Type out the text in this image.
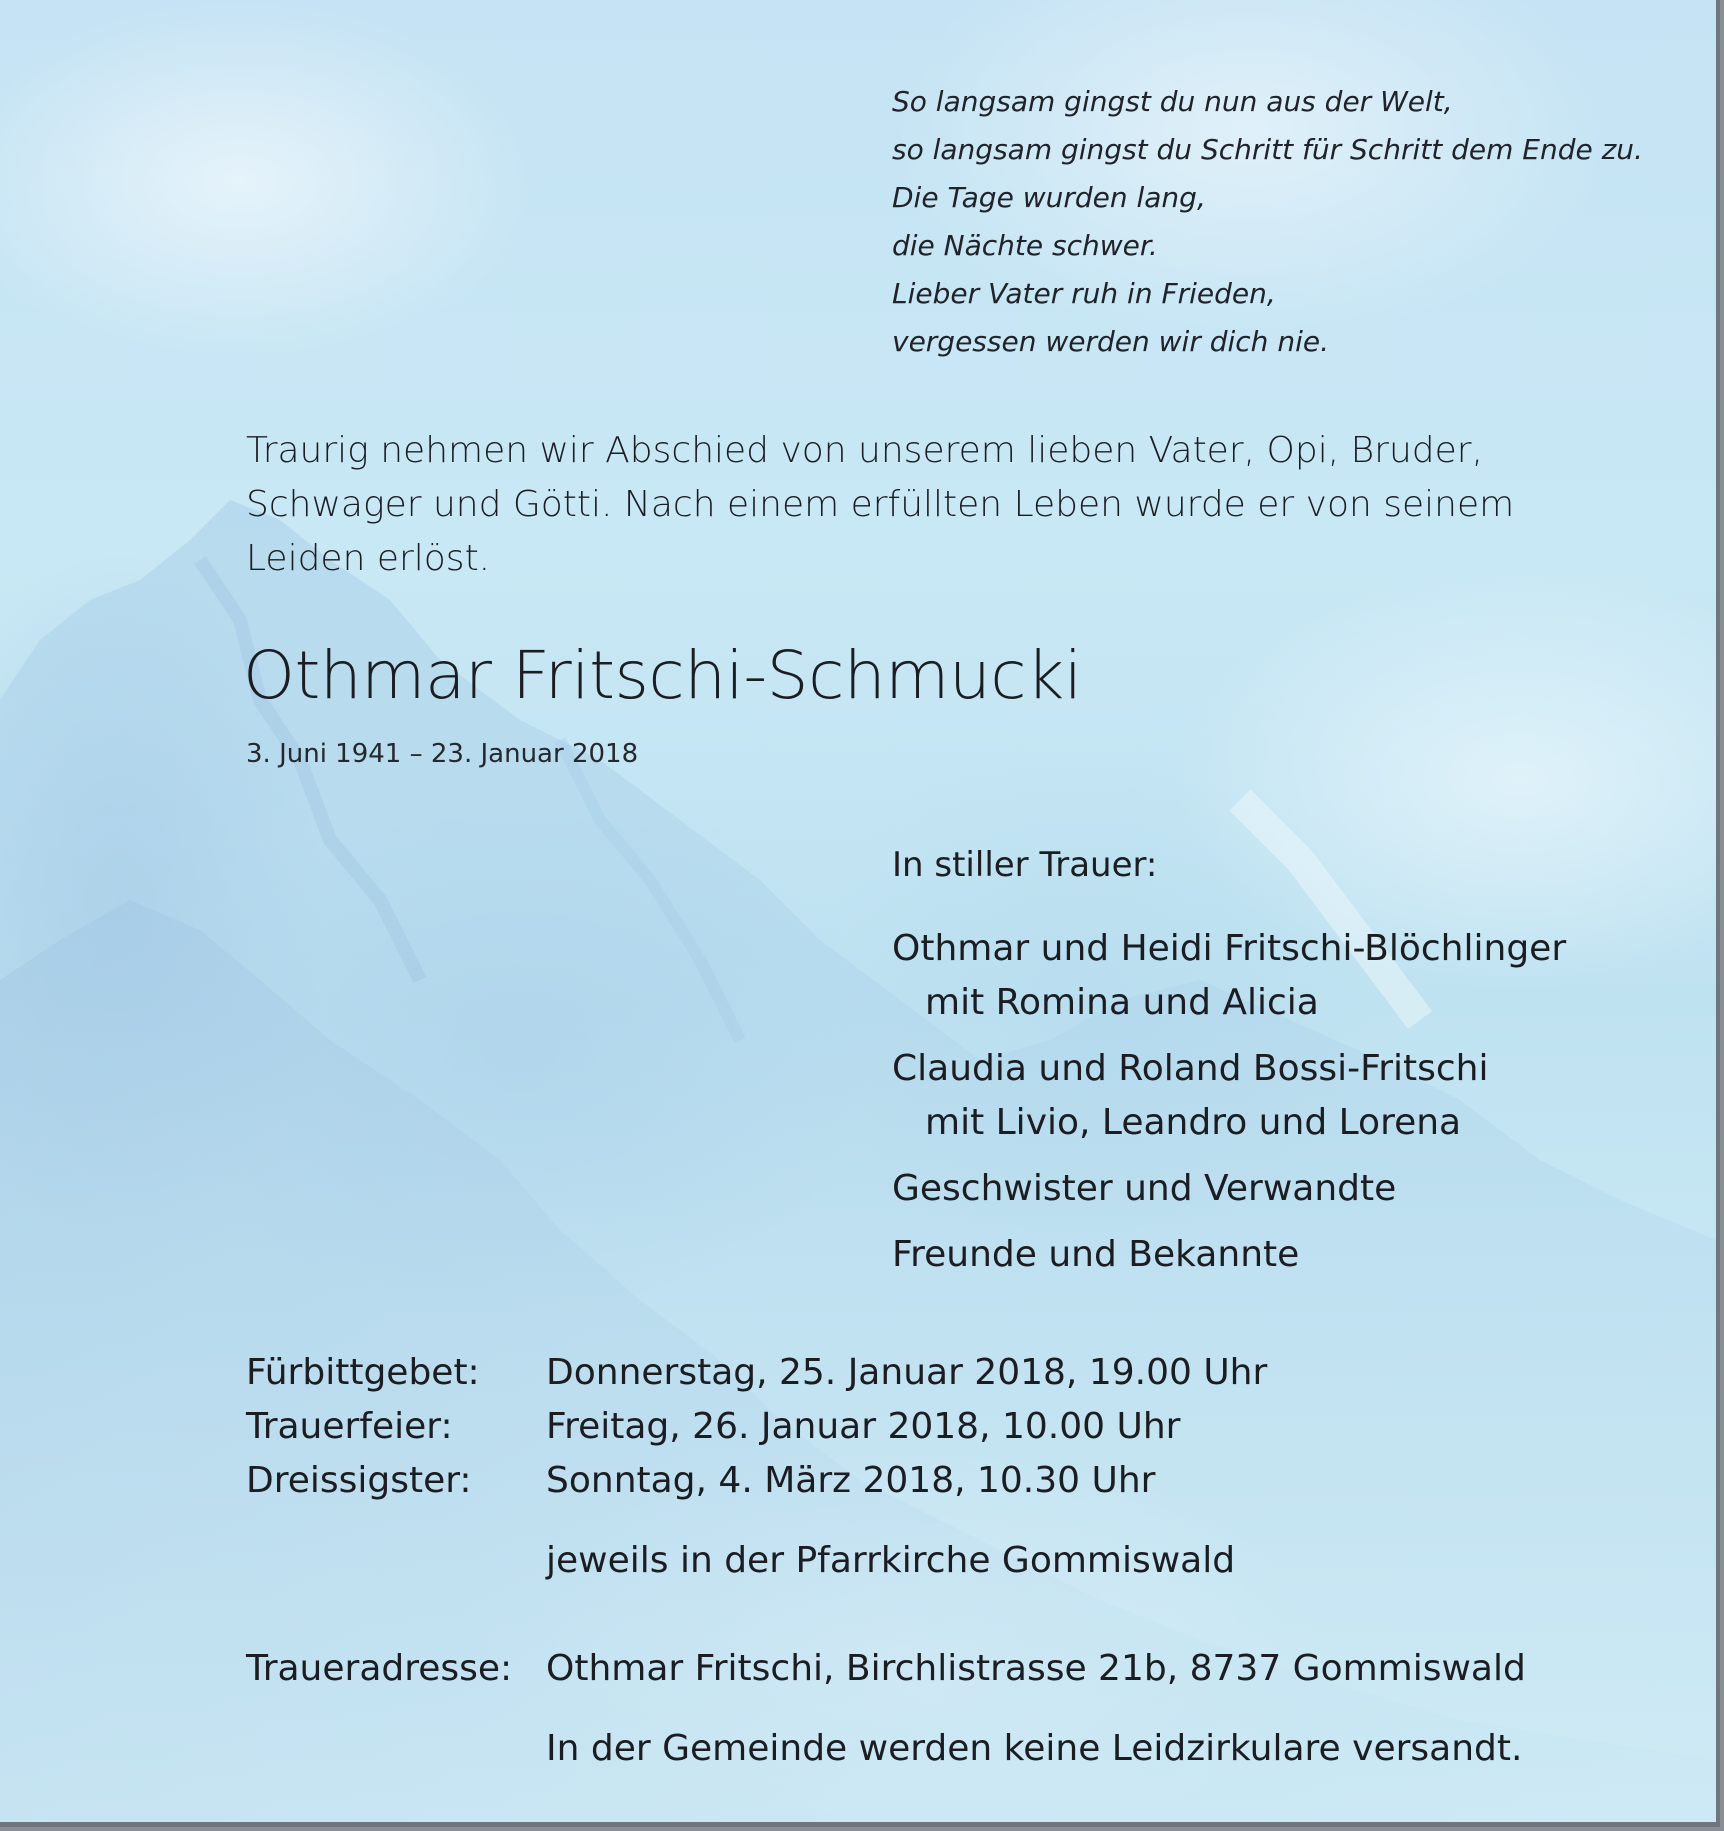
So langsam gingst du nun aus der Welt,
so langsam gingst du Schritt für Schritt dem Ende zu.
Die Tage wurden lang,
die Nächte schwer.
Lieber Vater ruh in Frieden,
vergessen werden wir dich nie.
Traurig nehmen wir Abschied von unserem lieben Vater, Opi, Bruder,
Schwager und Götti. Nach einem erfüllten Leben wurde er von seinem
Leiden erlöst.
Othmar Fritschi-Schmucki
3. Juni 1941 – 23. Januar 2018
In stiller Trauer:
Othmar und Heidi Fritschi-Blöchlinger
mit Romina und Alicia
Claudia und Roland Bossi-Fritschi
mit Livio, Leandro und Lorena
Geschwister und Verwandte
Freunde und Bekannte
Fürbittgebet:	Donnerstag, 25. Januar 2018, 19.00 Uhr
Trauerfeier:	Freitag, 26. Januar 2018, 10.00 Uhr
Dreissigster:	Sonntag, 4. März 2018, 10.30 Uhr
jeweils in der Pfarrkirche Gommiswald
Traueradresse: Othmar Fritschi, Birchlistrasse 21b, 8737 Gommiswald
In der Gemeinde werden keine Leidzirkulare versandt.
